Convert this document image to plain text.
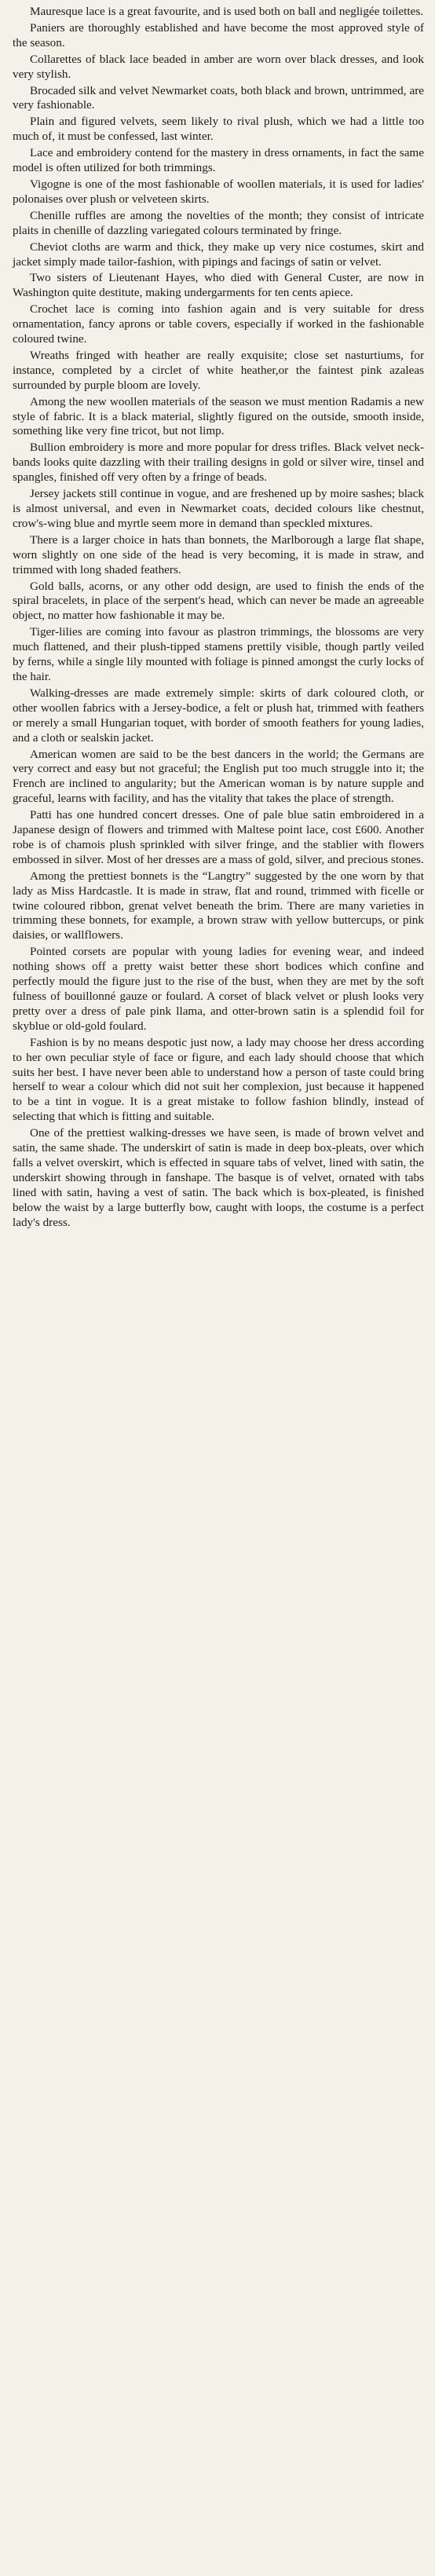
Mauresque lace is a great favourite, and is used both on ball and negligée toilettes.

Paniers are thoroughly established and have become the most approved style of the season.

Collarettes of black lace beaded in amber are worn over black dresses, and look very stylish.

Brocaded silk and velvet Newmarket coats, both black and brown, untrimmed, are very fashionable.

Plain and figured velvets, seem likely to rival plush, which we had a little too much of, it must be confessed, last winter.

Lace and embroidery contend for the mastery in dress ornaments, in fact the same model is often utilized for both trimmings.

Vigogne is one of the most fashionable of woollen materials, it is used for ladies' polonaises over plush or velveteen skirts.

Chenille ruffles are among the novelties of the month; they consist of intricate plaits in chenille of dazzling variegated colours terminated by fringe.

Cheviot cloths are warm and thick, they make up very nice costumes, skirt and jacket simply made tailor-fashion, with pipings and facings of satin or velvet.

Two sisters of Lieutenant Hayes, who died with General Custer, are now in Washington quite destitute, making undergarments for ten cents apiece.

Crochet lace is coming into fashion again and is very suitable for dress ornamentation, fancy aprons or table covers, especially if worked in the fashionable coloured twine.

Wreaths fringed with heather are really exquisite; close set nasturtiums, for instance, completed by a circlet of white heather,or the faintest pink azaleas surrounded by purple bloom are lovely.

Among the new woollen materials of the season we must mention Radamis a new style of fabric. It is a black material, slightly figured on the outside, smooth inside, something like very fine tricot, but not limp.

Bullion embroidery is more and more popular for dress trifles. Black velvet neck-bands looks quite dazzling with their trailing designs in gold or silver wire, tinsel and spangles, finished off very often by a fringe of beads.

Jersey jackets still continue in vogue, and are freshened up by moire sashes; black is almost universal, and even in Newmarket coats, decided colours like chestnut, crow's-wing blue and myrtle seem more in demand than speckled mixtures.

There is a larger choice in hats than bonnets, the Marlborough a large flat shape, worn slightly on one side of the head is very becoming, it is made in straw, and trimmed with long shaded feathers.

Gold balls, acorns, or any other odd design, are used to finish the ends of the spiral bracelets, in place of the serpent's head, which can never be made an agreeable object, no matter how fashionable it may be.

Tiger-lilies are coming into favour as plastron trimmings, the blossoms are very much flattened, and their plush-tipped stamens prettily visible, though partly veiled by ferns, while a single lily mounted with foliage is pinned amongst the curly locks of the hair.

Walking-dresses are made extremely simple: skirts of dark coloured cloth, or other woollen fabrics with a Jersey-bodice, a felt or plush hat, trimmed with feathers or merely a small Hungarian toquet, with border of smooth feathers for young ladies, and a cloth or sealskin jacket.

American women are said to be the best dancers in the world; the Germans are very correct and easy but not graceful; the English put too much struggle into it; the French are inclined to angularity; but the American woman is by nature supple and graceful, learns with facility, and has the vitality that takes the place of strength.

Patti has one hundred concert dresses. One of pale blue satin embroidered in a Japanese design of flowers and trimmed with Maltese point lace, cost £600. Another robe is of chamois plush sprinkled with silver fringe, and the stablier with flowers embossed in silver. Most of her dresses are a mass of gold, silver, and precious stones.

Among the prettiest bonnets is the “Langtry” suggested by the one worn by that lady as Miss Hardcastle. It is made in straw, flat and round, trimmed with ficelle or twine coloured ribbon, grenat velvet beneath the brim. There are many varieties in trimming these bonnets, for example, a brown straw with yellow buttercups, or pink daisies, or wallflowers.

Pointed corsets are popular with young ladies for evening wear, and indeed nothing shows off a pretty waist better these short bodices which confine and perfectly mould the figure just to the rise of the bust, when they are met by the soft fulness of bouillonné gauze or foulard. A corset of black velvet or plush looks very pretty over a dress of pale pink llama, and otter-brown satin is a splendid foil for skyblue or old-gold foulard.

Fashion is by no means despotic just now, a lady may choose her dress according to her own peculiar style of face or figure, and each lady should choose that which suits her best. I have never been able to understand how a person of taste could bring herself to wear a colour which did not suit her complexion, just because it happened to be a tint in vogue. It is a great mistake to follow fashion blindly, instead of selecting that which is fitting and suitable.

One of the prettiest walking-dresses we have seen, is made of brown velvet and satin, the same shade. The underskirt of satin is made in deep box-pleats, over which falls a velvet overskirt, which is effected in square tabs of velvet, lined with satin, the underskirt showing through in fanshape. The basque is of velvet, ornated with tabs lined with satin, having a vest of satin. The back which is box-pleated, is finished below the waist by a large butterfly bow, caught with loops, the costume is a perfect lady's dress.
